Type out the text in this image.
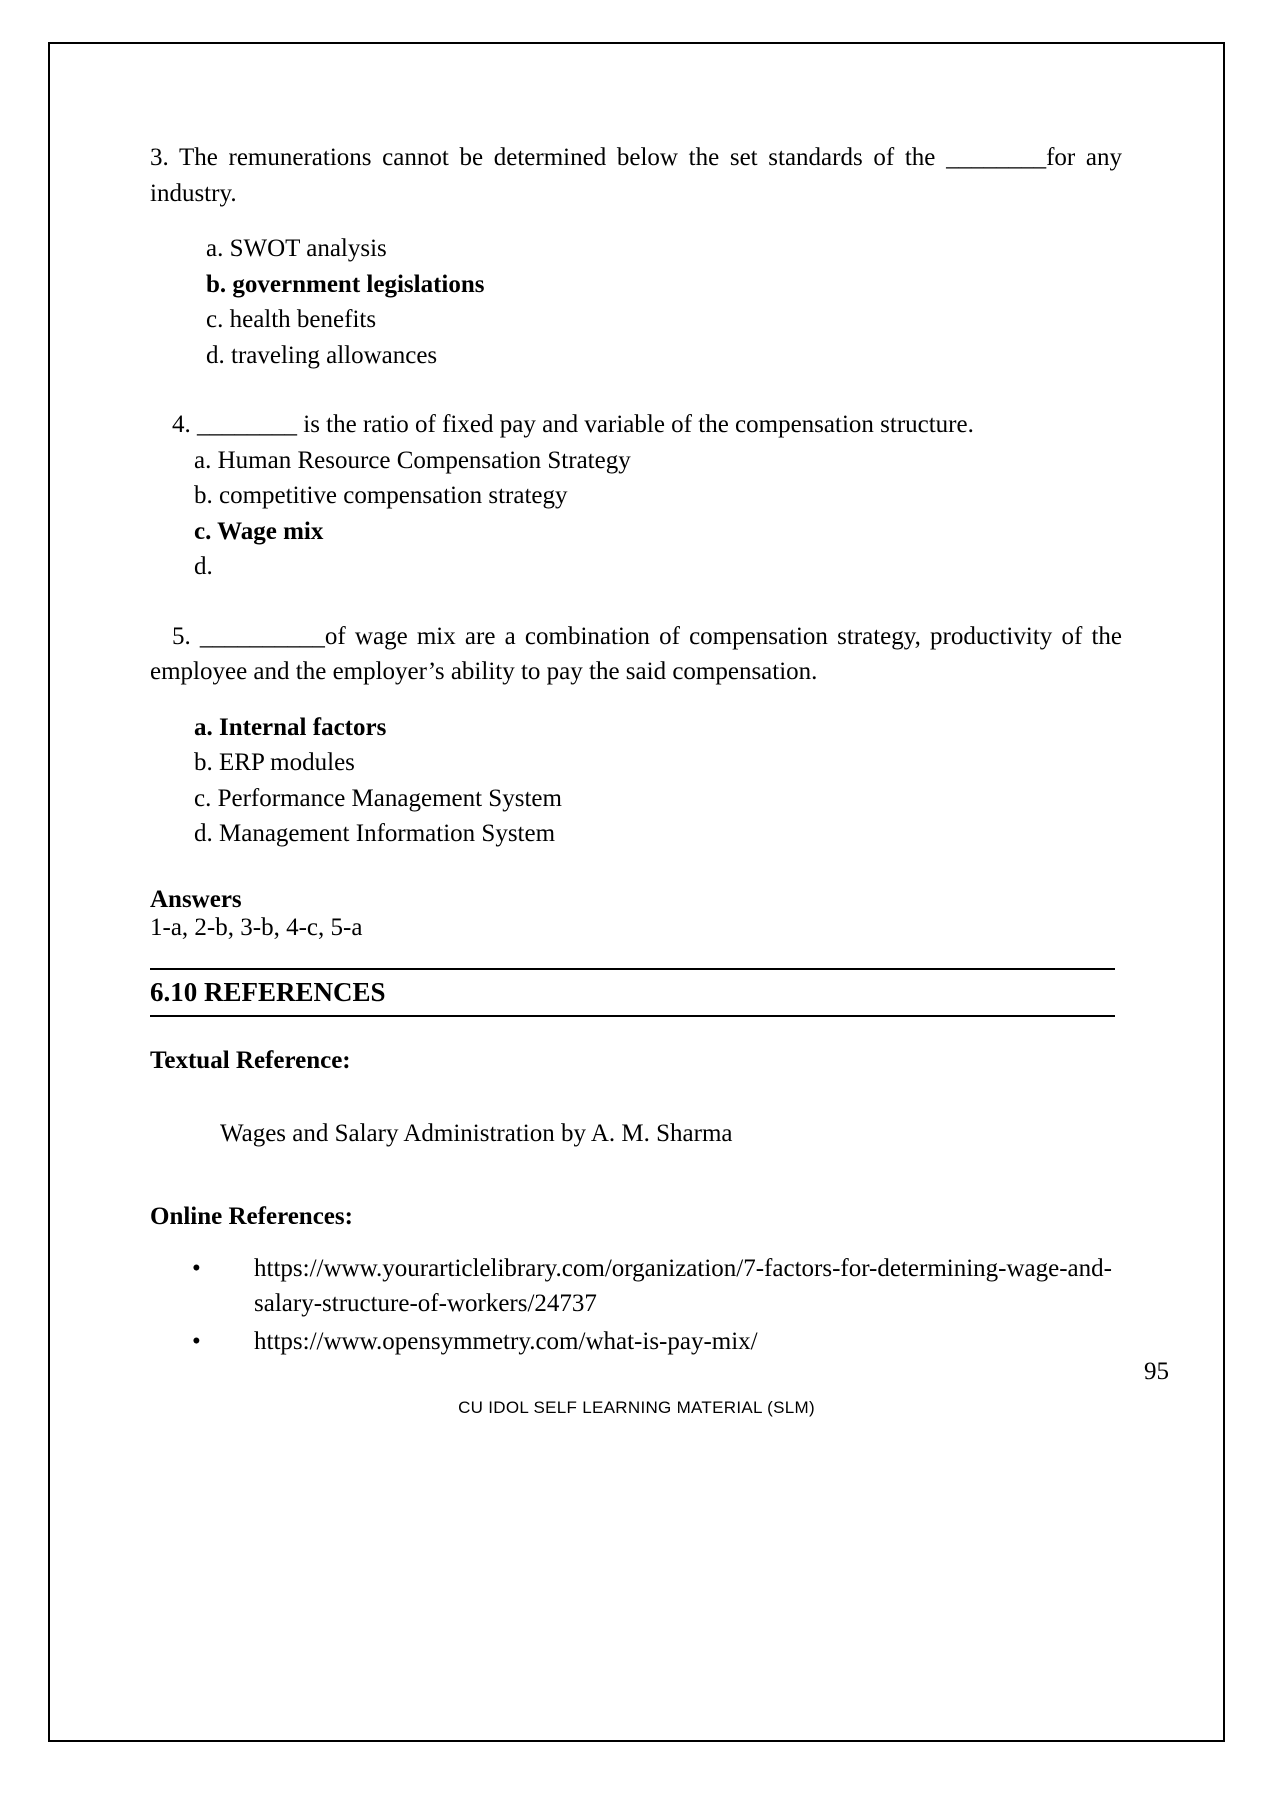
3. The remunerations cannot be determined below the set standards of the ________for any industry.

a. SWOT analysis
b. government legislations
c. health benefits
d. traveling allowances

4. ________ is the ratio of fixed pay and variable of the compensation structure.

a. Human Resource Compensation Strategy
b. competitive compensation strategy
c. Wage mix
d.

5. __________of wage mix are a combination of compensation strategy, productivity of the employee and the employer’s ability to pay the said compensation.

a. Internal factors
b. ERP modules
c. Performance Management System
d. Management Information System

Answers

1-a, 2-b, 3-b, 4-c, 5-a

6.10 REFERENCES

Textual Reference:

Wages and Salary Administration by A. M. Sharma

Online References:

• https://www.yourarticlelibrary.com/organization/7-factors-for-determining-wage-and-salary-structure-of-workers/24737
• https://www.opensymmetry.com/what-is-pay-mix/
95
CU IDOL SELF LEARNING MATERIAL (SLM)
